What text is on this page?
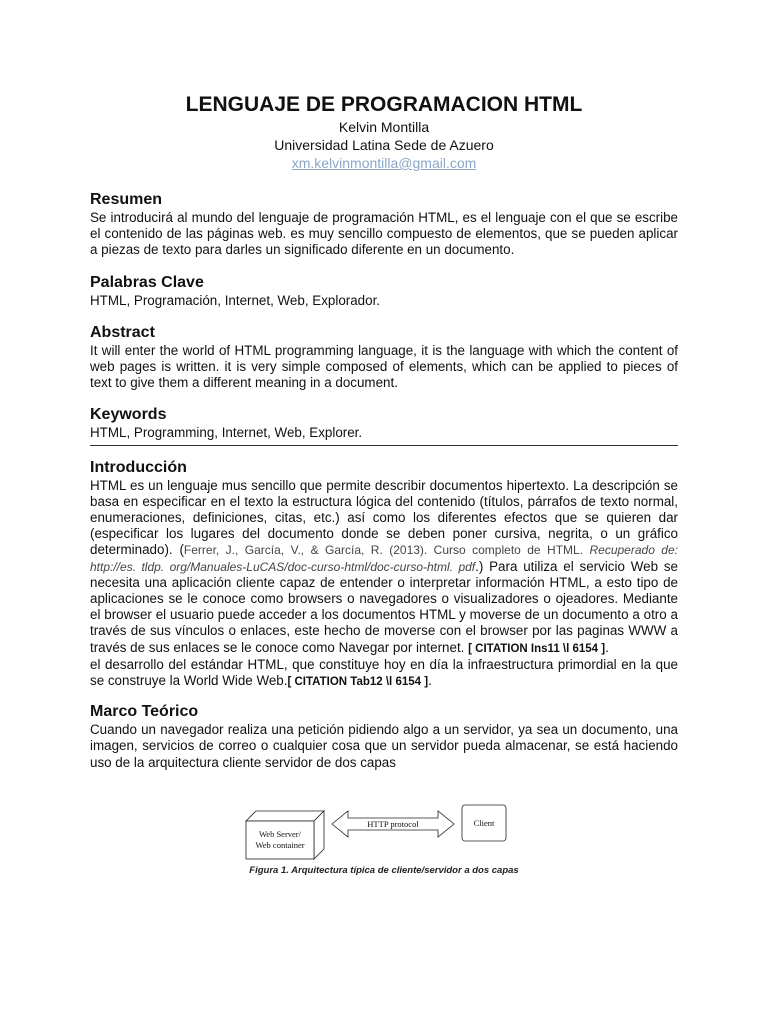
LENGUAJE DE PROGRAMACION HTML
Kelvin Montilla
Universidad Latina Sede de Azuero
xm.kelvinmontilla@gmail.com
Resumen

Se introducirá al mundo del lenguaje de programación HTML, es el lenguaje con el que se escribe el contenido de las páginas web. es muy sencillo compuesto de elementos, que se pueden aplicar a piezas de texto para darles un significado diferente en un documento.

Palabras Clave

HTML, Programación, Internet, Web, Explorador.

Abstract

It will enter the world of HTML programming language, it is the language with which the content of web pages is written. it is very simple composed of elements, which can be applied to pieces of text to give them a different meaning in a document.

Keywords

HTML, Programming, Internet, Web, Explorer.

Introducción

HTML es un lenguaje mus sencillo que permite describir documentos hipertexto. La descripción se basa en especificar en el texto la estructura lógica del contenido (títulos, párrafos de texto normal, enumeraciones, definiciones, citas, etc.) así como los diferentes efectos que se quieren dar (especificar los lugares del documento donde se deben poner cursiva, negrita, o un gráfico determinado). (Ferrer, J., García, V., & García, R. (2013). Curso completo de HTML. Recuperado de: http://es. tldp. org/Manuales-LuCAS/doc-curso-html/doc-curso-html. pdf.) Para utiliza el servicio Web se necesita una aplicación cliente capaz de entender o interpretar información HTML, a esto tipo de aplicaciones se le conoce como browsers o navegadores o visualizadores o ojeadores. Mediante el browser el usuario puede acceder a los documentos HTML y moverse de un documento a otro a través de sus vínculos o enlaces, este hecho de moverse con el browser por las paginas WWW a través de sus enlaces se le conoce como Navegar por internet. [ CITATION Ins11 \l 6154 ].

el desarrollo del estándar HTML, que constituye hoy en día la infraestructura primordial en la que se construye la World Wide Web.[ CITATION Tab12 \l 6154 ].

Marco Teórico

Cuando un navegador realiza una petición pidiendo algo a un servidor, ya sea un documento, una imagen, servicios de correo o cualquier cosa que un servidor pueda almacenar, se está haciendo uso de la arquitectura cliente servidor de dos capas

Web Server/
Web container
HTTP protocol	Client
Figura 1. Arquitectura típica de cliente/servidor a dos capas
